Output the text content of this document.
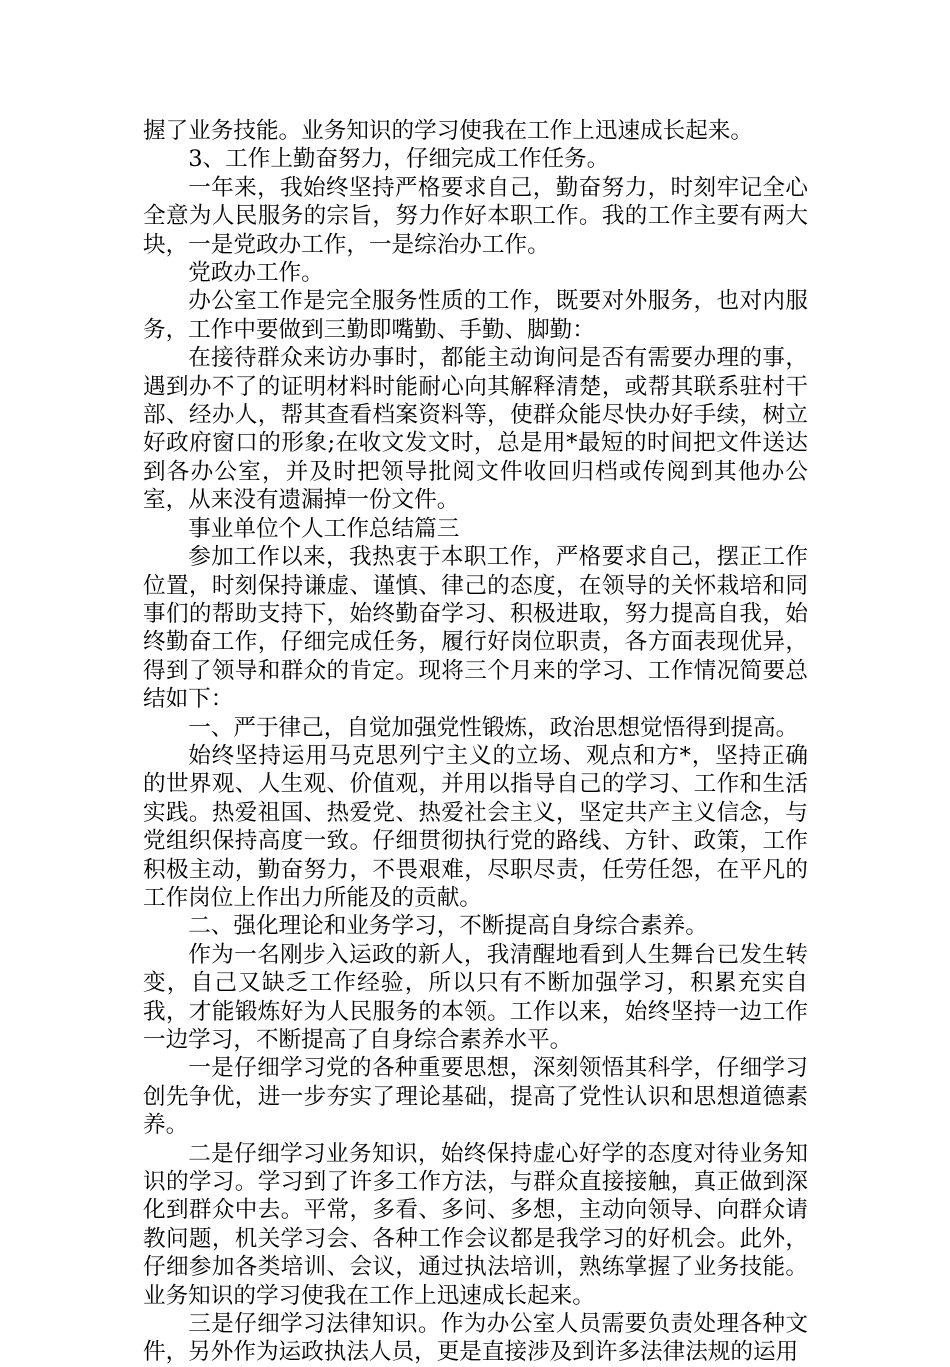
握了业务技能。业务知识的学习使我在工作上迅速成长起来。

3、工作上勤奋努力，仔细完成工作任务。

一年来，我始终坚持严格要求自己，勤奋努力，时刻牢记全心全意为人民服务的宗旨，努力作好本职工作。我的工作主要有两大块，一是党政办工作，一是综治办工作。

党政办工作。

办公室工作是完全服务性质的工作，既要对外服务，也对内服务，工作中要做到三勤即嘴勤、手勤、脚勤：

在接待群众来访办事时，都能主动询问是否有需要办理的事，遇到办不了的证明材料时能耐心向其解释清楚，或帮其联系驻村干部、经办人，帮其查看档案资料等，使群众能尽快办好手续，树立好政府窗口的形象;在收文发文时，总是用*最短的时间把文件送达到各办公室，并及时把领导批阅文件收回归档或传阅到其他办公室，从来没有遗漏掉一份文件。

事业单位个人工作总结篇三

参加工作以来，我热衷于本职工作，严格要求自己，摆正工作位置，时刻保持谦虚、谨慎、律己的态度，在领导的关怀栽培和同事们的帮助支持下，始终勤奋学习、积极进取，努力提高自我，始终勤奋工作，仔细完成任务，履行好岗位职责，各方面表现优异，得到了领导和群众的肯定。现将三个月来的学习、工作情况简要总结如下：

一、严于律己，自觉加强党性锻炼，政治思想觉悟得到提高。

始终坚持运用马克思列宁主义的立场、观点和方*，坚持正确的世界观、人生观、价值观，并用以指导自己的学习、工作和生活实践。热爱祖国、热爱党、热爱社会主义，坚定共产主义信念，与党组织保持高度一致。仔细贯彻执行党的路线、方针、政策，工作积极主动，勤奋努力，不畏艰难，尽职尽责，任劳任怨，在平凡的工作岗位上作出力所能及的贡献。

二、强化理论和业务学习，不断提高自身综合素养。

作为一名刚步入运政的新人，我清醒地看到人生舞台已发生转变，自己又缺乏工作经验，所以只有不断加强学习，积累充实自我，才能锻炼好为人民服务的本领。工作以来，始终坚持一边工作一边学习，不断提高了自身综合素养水平。

一是仔细学习党的各种重要思想，深刻领悟其科学，仔细学习创先争优，进一步夯实了理论基础，提高了党性认识和思想道德素养。

二是仔细学习业务知识，始终保持虚心好学的态度对待业务知识的学习。学习到了许多工作方法，与群众直接接触，真正做到深化到群众中去。平常，多看、多问、多想，主动向领导、向群众请教问题，机关学习会、各种工作会议都是我学习的好机会。此外，仔细参加各类培训、会议，通过执法培训，熟练掌握了业务技能。业务知识的学习使我在工作上迅速成长起来。

三是仔细学习法律知识。作为办公室人员需要负责处理各种文件，另外作为运政执法人员，更是直接涉及到许多法律法规的运用
